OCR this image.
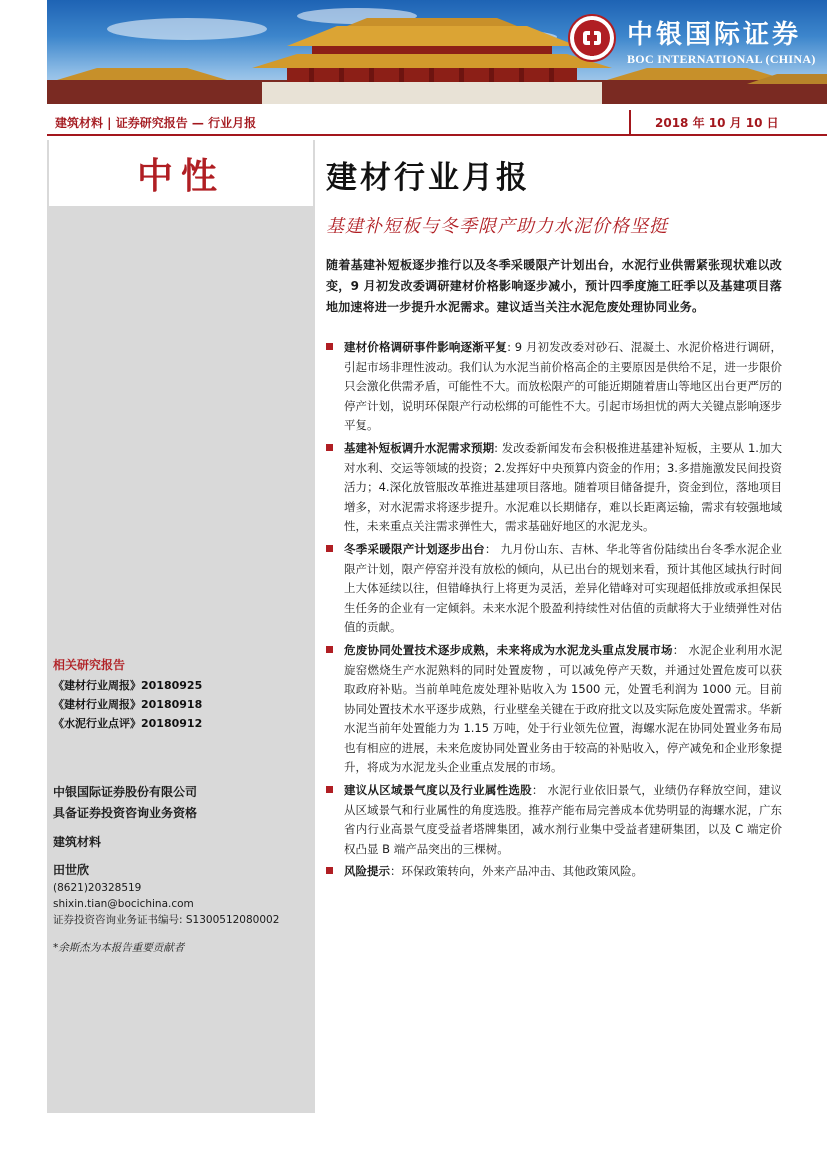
中银国际证券
BOC INTERNATIONAL (CHINA)
建筑材料 | 证券研究报告 — 行业月报	2018 年 10 月 10 日
中性
相关研究报告
《建材行业周报》20180925
《建材行业周报》20180918
《水泥行业点评》20180912
中银国际证券股份有限公司
具备证券投资咨询业务资格
建筑材料
田世欣
(8621)20328519
shixin.tian@bocichina.com
证券投资咨询业务证书编号: S1300512080002
*余斯杰为本报告重要贡献者
建材行业月报
基建补短板与冬季限产助力水泥价格坚挺

随着基建补短板逐步推行以及冬季采暖限产计划出台，水泥行业供需紧张现状难以改变，9 月初发改委调研建材价格影响逐步减小，预计四季度施工旺季以及基建项目落地加速将进一步提升水泥需求。建议适当关注水泥危废处理协同业务。

建材价格调研事件影响逐渐平复: 9 月初发改委对砂石、混凝土、水泥价格进行调研，引起市场非理性波动。我们认为水泥当前价格高企的主要原因是供给不足，进一步限价只会激化供需矛盾，可能性不大。而放松限产的可能近期随着唐山等地区出台更严厉的停产计划，说明环保限产行动松绑的可能性不大。引起市场担忧的两大关键点影响逐步平复。
基建补短板调升水泥需求预期: 发改委新闻发布会积极推进基建补短板，主要从 1.加大对水利、交运等领域的投资；2.发挥好中央预算内资金的作用；3.多措施激发民间投资活力；4.深化放管服改革推进基建项目落地。随着项目储备提升，资金到位，落地项目增多，对水泥需求将逐步提升。水泥难以长期储存，难以长距离运输，需求有较强地域性，未来重点关注需求弹性大，需求基础好地区的水泥龙头。
冬季采暖限产计划逐步出台： 九月份山东、吉林、华北等省份陆续出台冬季水泥企业限产计划，限产停窑并没有放松的倾向，从已出台的规划来看，预计其他区域执行时间上大体延续以往，但错峰执行上将更为灵活，差异化错峰对可实现超低排放或承担保民生任务的企业有一定倾斜。未来水泥个股盈利持续性对估值的贡献将大于业绩弹性对估值的贡献。
危废协同处置技术逐步成熟，未来将成为水泥龙头重点发展市场： 水泥企业利用水泥旋窑燃烧生产水泥熟料的同时处置废物 ，可以减免停产天数，并通过处置危废可以获取政府补贴。当前单吨危废处理补贴收入为 1500 元，处置毛利润为 1000 元。目前协同处置技术水平逐步成熟，行业壁垒关键在于政府批文以及实际危废处置需求。华新水泥当前年处置能力为 1.15 万吨，处于行业领先位置，海螺水泥在协同处置业务布局也有相应的进展，未来危废协同处置业务由于较高的补贴收入，停产减免和企业形象提升，将成为水泥龙头企业重点发展的市场。
建议从区域景气度以及行业属性选股： 水泥行业依旧景气，业绩仍存释放空间，建议从区域景气和行业属性的角度选股。推荐产能布局完善成本优势明显的海螺水泥，广东省内行业高景气度受益者塔牌集团，减水剂行业集中受益者建研集团，以及 C 端定价权凸显 B 端产品突出的三棵树。
风险提示：环保政策转向，外来产品冲击、其他政策风险。
